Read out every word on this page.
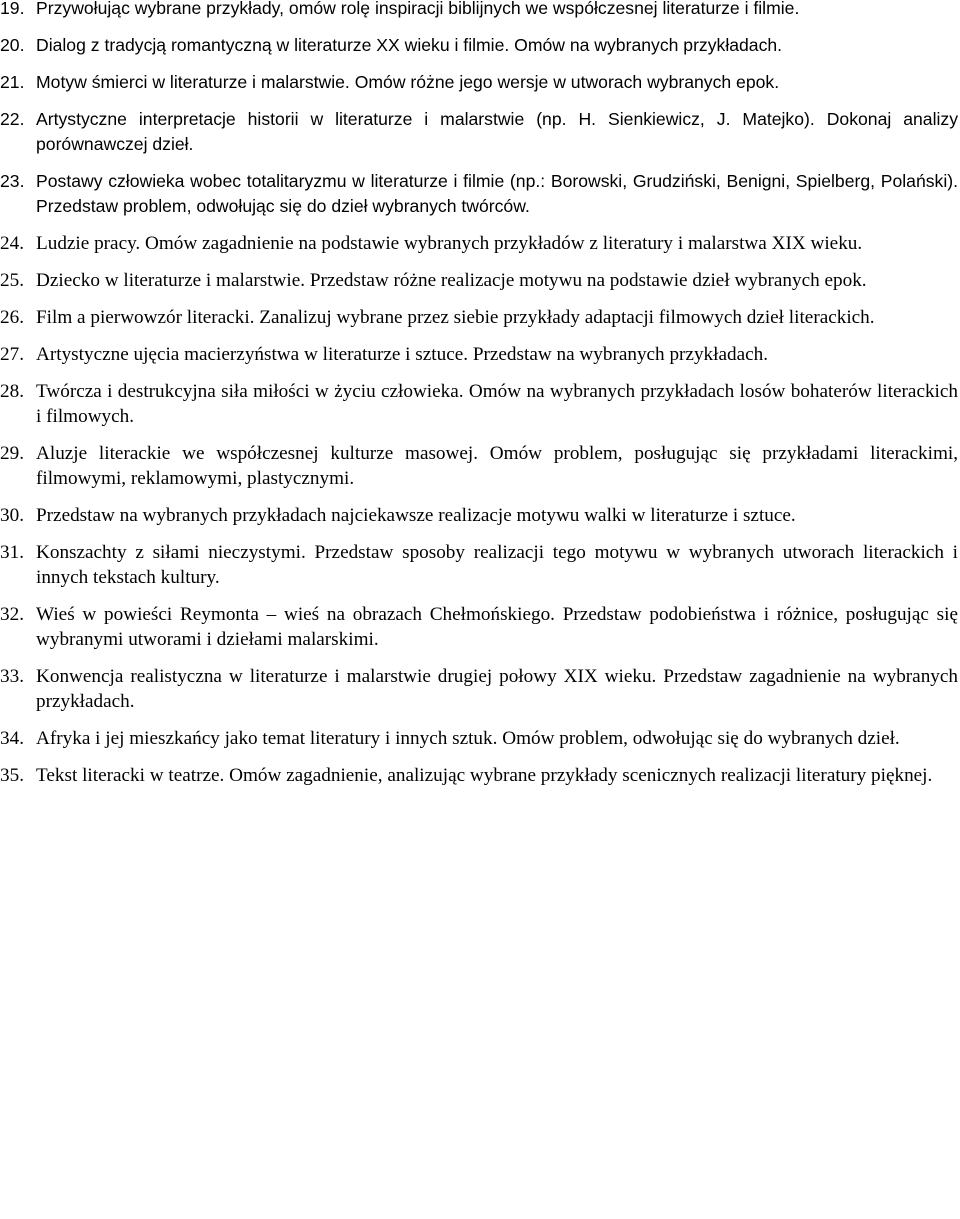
19. Przywołując wybrane przykłady, omów rolę inspiracji biblijnych we współczesnej literaturze i filmie.
20. Dialog z tradycją romantyczną w literaturze XX wieku i filmie. Omów na wybranych przykładach.
21. Motyw śmierci w literaturze i malarstwie. Omów różne jego wersje w utworach wybranych epok.
22. Artystyczne interpretacje historii w literaturze i malarstwie (np. H. Sienkiewicz, J. Matejko). Dokonaj analizy porównawczej dzieł.
23. Postawy człowieka wobec totalitaryzmu w literaturze i filmie (np.: Borowski, Grudziński, Benigni, Spielberg, Polański). Przedstaw problem, odwołując się do dzieł wybranych twórców.
24. Ludzie pracy. Omów zagadnienie na podstawie wybranych przykładów z literatury i malarstwa XIX wieku.
25. Dziecko w literaturze i malarstwie. Przedstaw różne realizacje motywu na podstawie dzieł wybranych epok.
26. Film a pierwowzór literacki. Zanalizuj wybrane przez siebie przykłady adaptacji filmowych dzieł literackich.
27. Artystyczne ujęcia macierzyństwa w literaturze i sztuce. Przedstaw na wybranych przykładach.
28. Twórcza i destrukcyjna siła miłości w życiu człowieka. Omów na wybranych przykładach losów bohaterów literackich i filmowych.
29. Aluzje literackie we współczesnej kulturze masowej. Omów problem, posługując się przykładami literackimi, filmowymi, reklamowymi, plastycznymi.
30. Przedstaw na wybranych przykładach najciekawsze realizacje motywu walki w literaturze i sztuce.
31. Konszachty z siłami nieczystymi. Przedstaw sposoby realizacji tego motywu w wybranych utworach literackich i innych tekstach kultury.
32. Wieś w powieści Reymonta – wieś na obrazach Chełmońskiego. Przedstaw podobieństwa i różnice, posługując się wybranymi utworami i dziełami malarskimi.
33. Konwencja realistyczna w literaturze i malarstwie drugiej połowy XIX wieku. Przedstaw zagadnienie na wybranych przykładach.
34. Afryka i jej mieszkańcy jako temat literatury i innych sztuk. Omów problem, odwołując się do wybranych dzieł.
35. Tekst literacki w teatrze. Omów zagadnienie, analizując wybrane przykłady scenicznych realizacji literatury pięknej.
